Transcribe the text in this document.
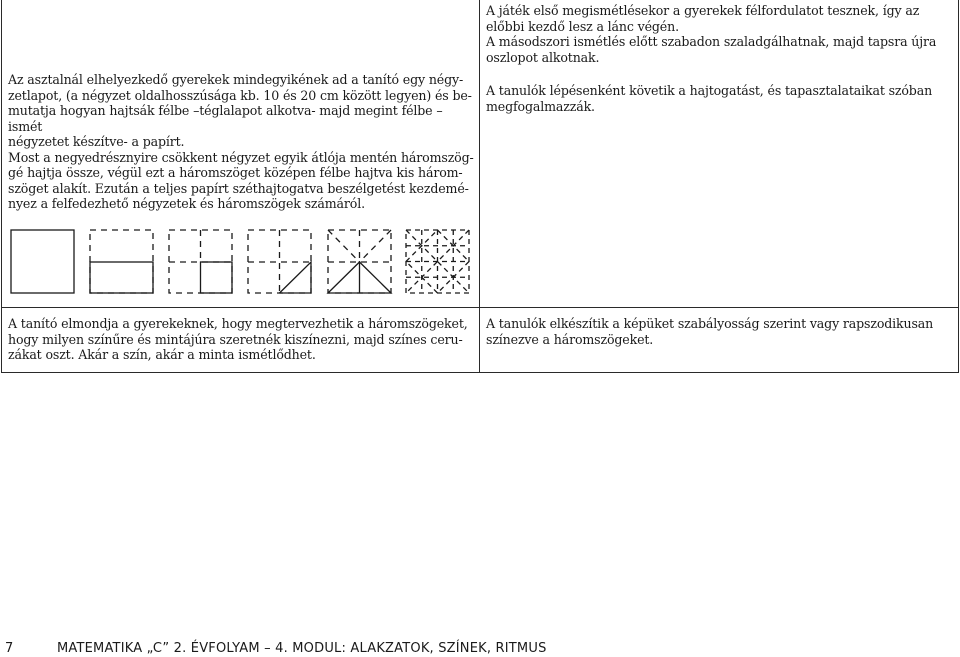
Az asztalnál elhelyezkedő gyerekek mindegyikének ad a tanító egy négy-
zetlapot, (a négyzet oldalhosszúsága kb. 10 és 20 cm között legyen) és be-
mutatja hogyan hajtsák félbe –téglalapot alkotva- majd megint félbe –ismét
négyzetet készítve- a papírt.

Most a negyedrésznyire csökkent négyzet egyik átlója mentén háromszög-
gé hajtja össze, végül ezt a háromszöget középen félbe hajtva kis három-
szöget alakít. Ezután a teljes papírt széthajtogatva beszélgetést kezdemé-
nyez a felfedezhető négyzetek és háromszögek számáról.

A játék első megismétlésekor a gyerekek félfordulatot tesznek, így az
előbbi kezdő lesz a lánc végén.
A másodszori ismétlés előtt szabadon szaladgálhatnak, majd tapsra újra
oszlopot alkotnak.
A tanulók lépésenként követik a hajtogatást, és tapasztalataikat szóban
megfogalmazzák.
A tanító elmondja a gyerekeknek, hogy megtervezhetik a háromszögeket,
hogy milyen színűre és mintájúra szeretnék kiszínezni, majd színes ceru-
zákat oszt. Akár a szín, akár a minta ismétlődhet.
A tanulók elkészítik a képüket szabályosság szerint vagy rapszodikusan
színezve a háromszögeket.
7	MATEMATIKA „C” 2. ÉVFOLYAM – 4. MODUL: ALAKZATOK, SZÍNEK, RITMUS
